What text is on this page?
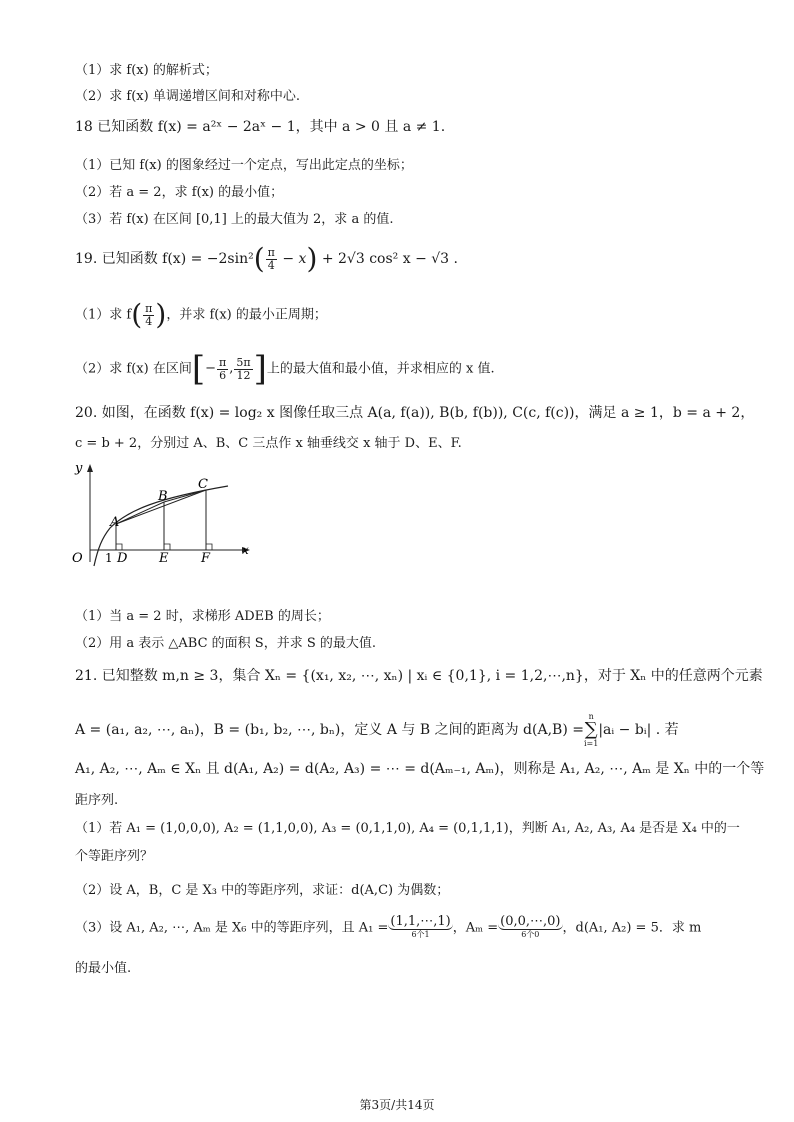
（1）求 f(x) 的解析式；
（2）求 f(x) 单调递增区间和对称中心.
18 已知函数 f(x) = a²ˣ − 2aˣ − 1，其中 a > 0 且 a ≠ 1.
（1）已知 f(x) 的图象经过一个定点，写出此定点的坐标；
（2）若 a = 2，求 f(x) 的最小值；
（3）若 f(x) 在区间 [0,1] 上的最大值为 2，求 a 的值.
19. 已知函数 $f(x) = -2\sin^2( \frac{\pi}{4} - x) + 2√3$ cos² x − √3 .
（1）求 $f( \frac{\pi}{4}$ )，并求 f(x) 的最小正周期；
（2）求 f(x) 在区间[− $\frac{\pi}{6}$ , $\frac{5\pi}{12}$ ]上的最大值和最小值，并求相应的 x 值.
20. 如图，在函数 f(x) = log₂ x 图像任取三点 A(a, f(a)), B(b, f(b)), C(c, f(c))，满足 a ≥ 1，b = a + 2，
c = b + 2，分别过 A、B、C 三点作 x 轴垂线交 x 轴于 D、E、F.
y
x
O 1
A
B
C
D E	F
（1）当 a = 2 时，求梯形 ADEB 的周长；
（2）用 a 表示 △ABC 的面积 S，并求 S 的最大值.
21. 已知整数 m,n ≥ 3，集合 Xₙ = {(x₁, x₂, ⋯, xₙ) | xᵢ ∈ {0,1}, i = 1,2,⋯,n}，对于 Xₙ 中的任意两个元素
A = (a₁, a₂, ⋯, aₙ)，B = (b₁, b₂, ⋯, bₙ)，定义 A 与 B 之间的距离为 d(A,B) =
n
∑
i=1
|aᵢ − bᵢ| . 若
A₁, A₂, ⋯, Aₘ ∈ Xₙ 且 d(A₁, A₂) = d(A₂, A₃) = ⋯ = d(Aₘ₋₁, Aₘ)，则称是 A₁, A₂, ⋯, Aₘ 是 Xₙ 中的一个等
距序列.
（1）若 A₁ = (1,0,0,0), A₂ = (1,1,0,0), A₃ = (0,1,1,0), A₄ = (0,1,1,1)，判断 A₁, A₂, A₃, A₄ 是否是 X₄ 中的一
个等距序列？
（2）设 A，B，C 是 X₃ 中的等距序列，求证：d(A,C) 为偶数；
（3）设 A₁, A₂, ⋯, Aₘ 是 X₆ 中的等距序列，且 A₁ = (1,1,⋯,1)
6个1	，Aₘ = (0,0,⋯,0)
6个0	，d(A₁, A₂) = 5．求 m
的最小值.
第3页/共14页
